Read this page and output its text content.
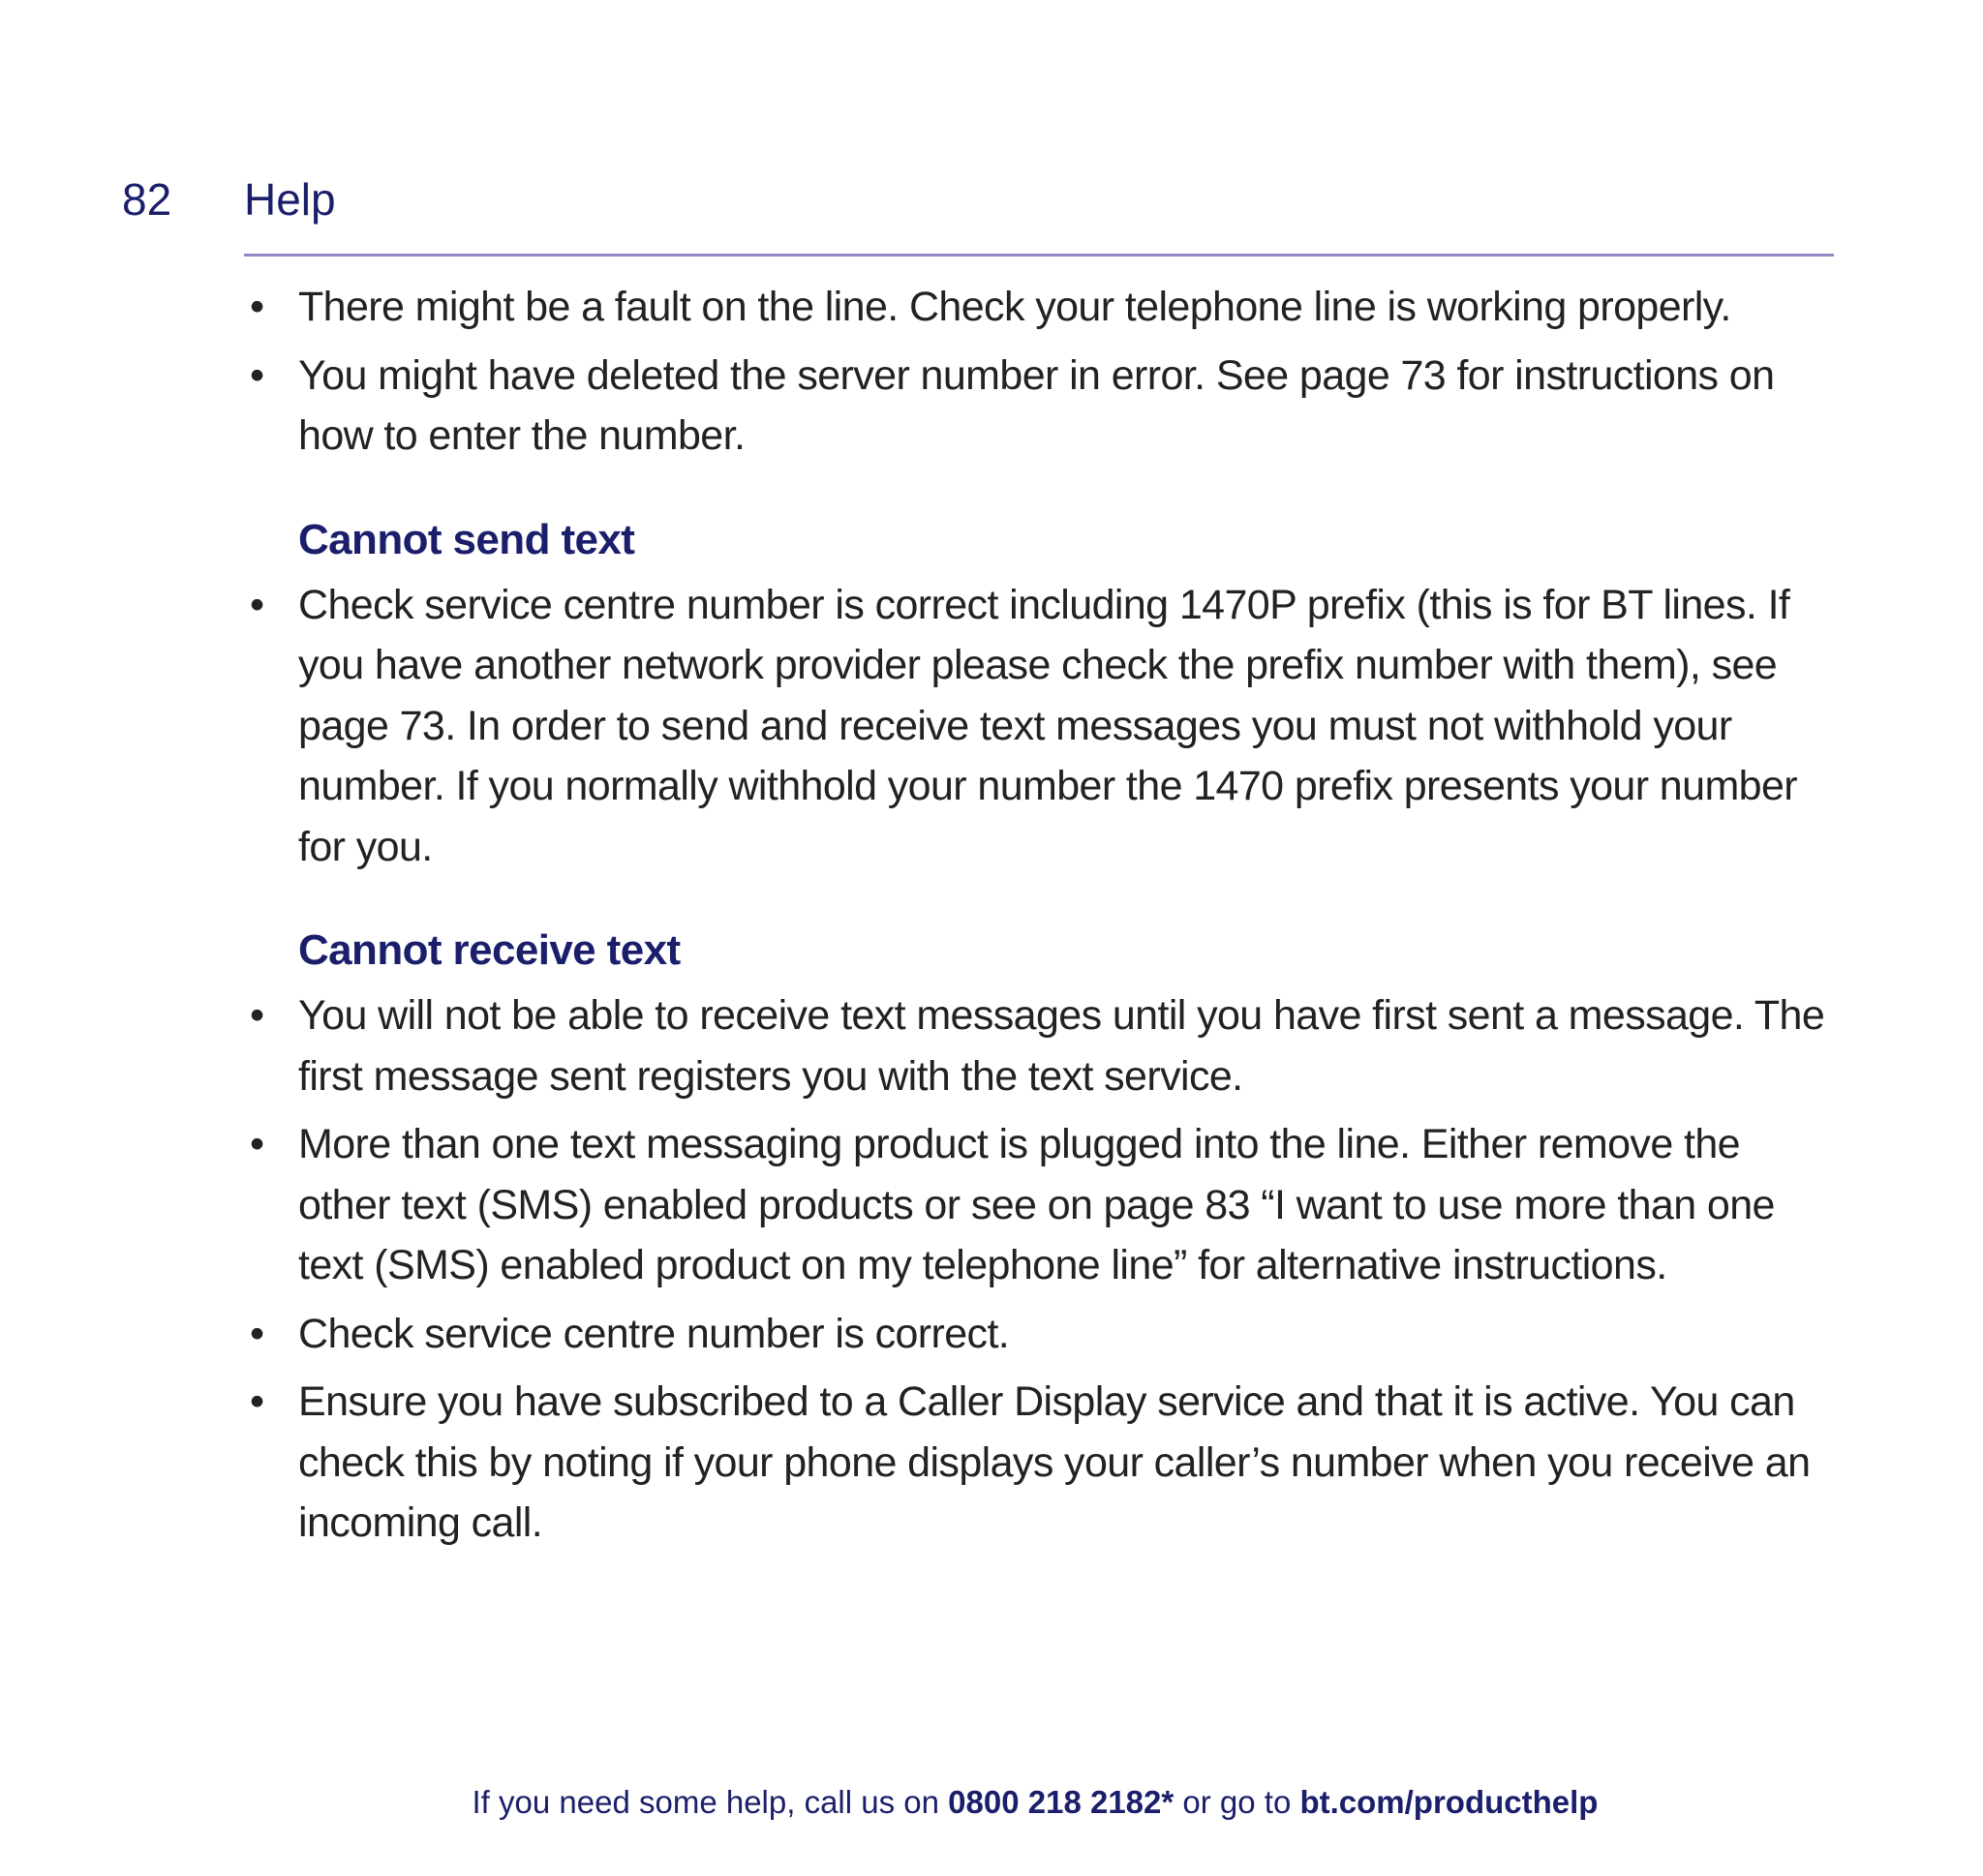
82 Help
• There might be a fault on the line. Check your telephone line is working properly.
• You might have deleted the server number in error. See page 73 for instructions on how to enter the number.
Cannot send text
• Check service centre number is correct including 1470P prefix (this is for BT lines. If you have another network provider please check the prefix number with them), see page 73. In order to send and receive text messages you must not withhold your number. If you normally withhold your number the 1470 prefix presents your number for you.
Cannot receive text
• You will not be able to receive text messages until you have first sent a message. The first message sent registers you with the text service.
• More than one text messaging product is plugged into the line. Either remove the other text (SMS) enabled products or see on page 83 “I want to use more than one text (SMS) enabled product on my telephone line” for alternative instructions.
• Check service centre number is correct.
• Ensure you have subscribed to a Caller Display service and that it is active. You can check this by noting if your phone displays your caller’s number when you receive an incoming call.
If you need some help, call us on 0800 218 2182* or go to bt.com/producthelp
